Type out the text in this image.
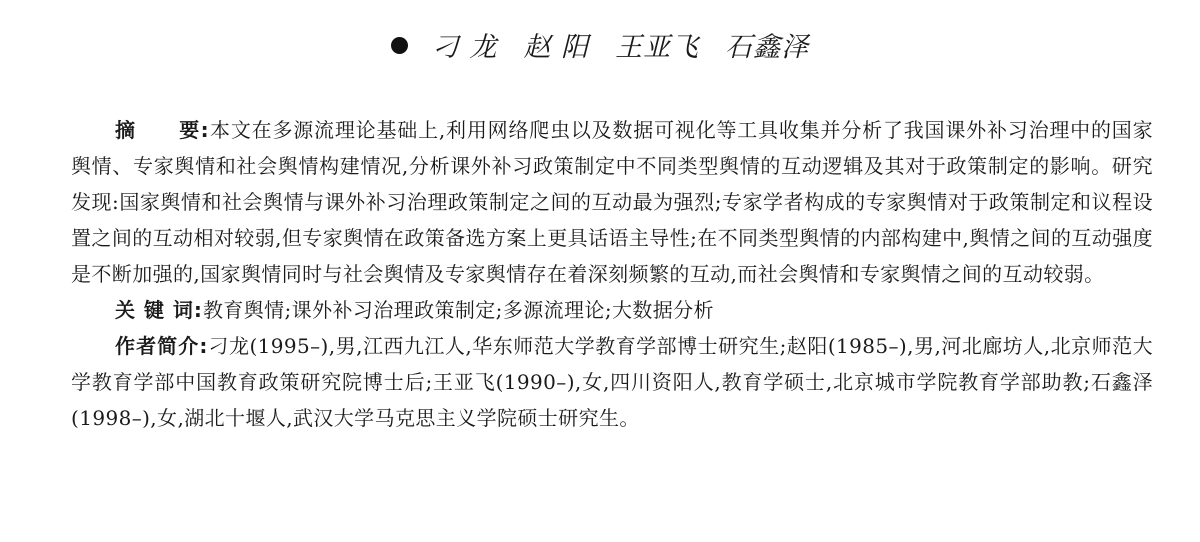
刁 龙 赵 阳 王亚飞 石鑫泽

摘　　要:本文在多源流理论基础上,利用网络爬虫以及数据可视化等工具收集并分析了我国课外补习治理中的国家舆情、专家舆情和社会舆情构建情况,分析课外补习政策制定中不同类型舆情的互动逻辑及其对于政策制定的影响。研究发现:国家舆情和社会舆情与课外补习治理政策制定之间的互动最为强烈;专家学者构成的专家舆情对于政策制定和议程设置之间的互动相对较弱,但专家舆情在政策备选方案上更具话语主导性;在不同类型舆情的内部构建中,舆情之间的互动强度是不断加强的,国家舆情同时与社会舆情及专家舆情存在着深刻频繁的互动,而社会舆情和专家舆情之间的互动较弱。

关 键 词:教育舆情;课外补习治理政策制定;多源流理论;大数据分析

作者简介:刁龙(1995–),男,江西九江人,华东师范大学教育学部博士研究生;赵阳(1985–),男,河北廊坊人,北京师范大学教育学部中国教育政策研究院博士后;王亚飞(1990–),女,四川资阳人,教育学硕士,北京城市学院教育学部助教;石鑫泽(1998–),女,湖北十堰人,武汉大学马克思主义学院硕士研究生。
